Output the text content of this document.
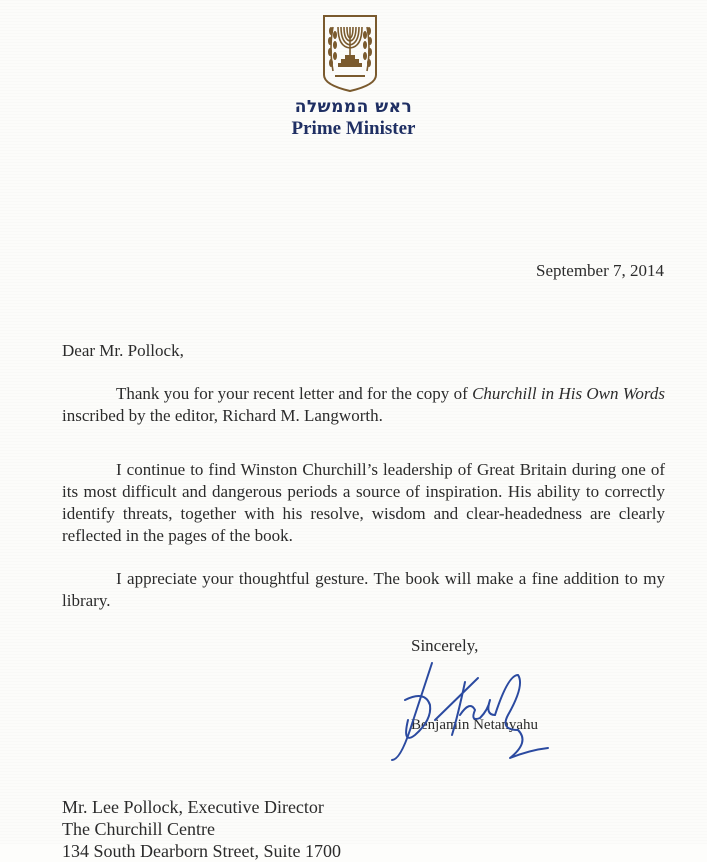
ראש הממשלה
Prime Minister
September 7, 2014
Dear Mr. Pollock,
Thank you for your recent letter and for the copy of Churchill in His Own Words inscribed by the editor, Richard M. Langworth.
I continue to find Winston Churchill’s leadership of Great Britain during one of its most difficult and dangerous periods a source of inspiration. His ability to correctly identify threats, together with his resolve, wisdom and clear-headedness are clearly reflected in the pages of the book.
I appreciate your thoughtful gesture. The book will make a fine addition to my library.
Sincerely,
Benjamin Netanyahu
Mr. Lee Pollock, Executive Director
The Churchill Centre
134 South Dearborn Street, Suite 1700
